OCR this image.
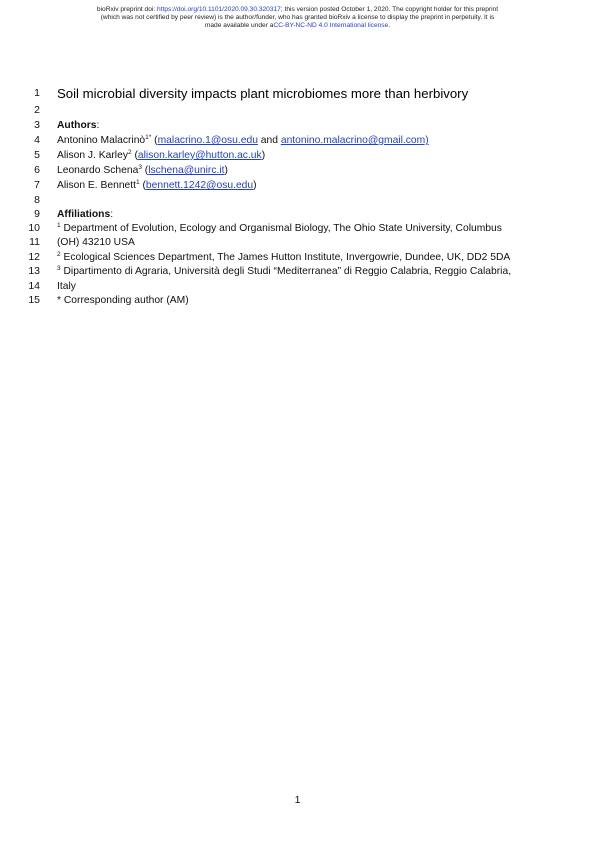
bioRxiv preprint doi: https://doi.org/10.1101/2020.09.30.320317; this version posted October 1, 2020. The copyright holder for this preprint
(which was not certified by peer review) is the author/funder, who has granted bioRxiv a license to display the preprint in perpetuity. It is
made available under aCC-BY-NC-ND 4.0 International license.
1 Soil microbial diversity impacts plant microbiomes more than herbivory
2
3 Authors:
4 Antonino Malacrinò$^{1*}$ (malacrino.1@osu.edu and antonino.malacrino@gmail.com)
5 Alison J. Karley$^2$ (alison.karley@hutton.ac.uk)
6 Leonardo Schena$^3$ (lschena@unirc.it)
7 Alison E. Bennett$^1$ (bennett.1242@osu.edu)
8
9 Affiliations:
10	$^1$ Department of Evolution, Ecology and Organismal Biology, The Ohio State University, Columbus
11 (OH) 43210 USA
12	$^2$ Ecological Sciences Department, The James Hutton Institute, Invergowrie, Dundee, UK, DD2 5DA
13	$^3$ Dipartimento di Agraria, Università degli Studi “Mediterranea” di Reggio Calabria, Reggio Calabria,
14 Italy
15 * Corresponding author (AM)
1
